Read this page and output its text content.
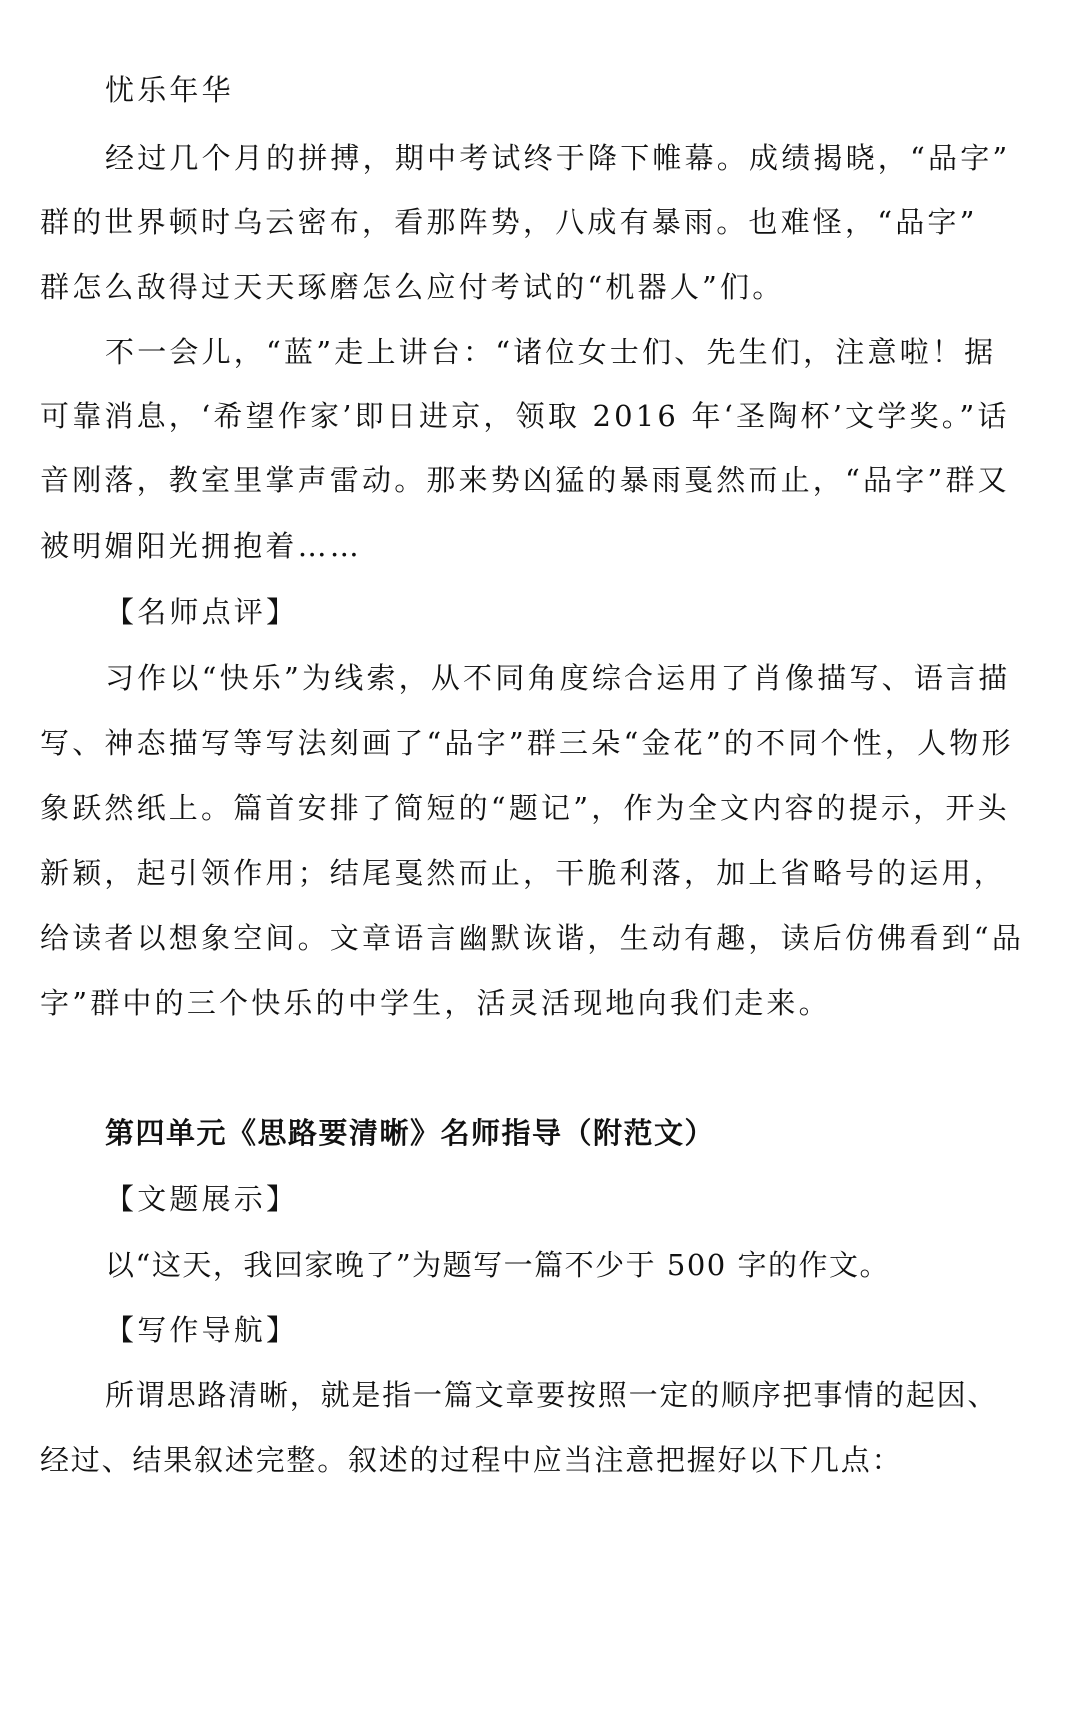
忧乐年华
经过几个月的拼搏，期中考试终于降下帷幕。成绩揭晓，“品字”
群的世界顿时乌云密布，看那阵势，八成有暴雨。也难怪，“品字”
群怎么敌得过天天琢磨怎么应付考试的“机器人”们。
不一会儿，“蓝”走上讲台：“诸位女士们、先生们，注意啦！据
可靠消息，‘希望作家’即日进京，领取 2016 年‘圣陶杯’文学奖。”话
音刚落，教室里掌声雷动。那来势凶猛的暴雨戛然而止，“品字”群又
被明媚阳光拥抱着……
【名师点评】
习作以“快乐”为线索，从不同角度综合运用了肖像描写、语言描
写、神态描写等写法刻画了“品字”群三朵“金花”的不同个性，人物形
象跃然纸上。篇首安排了简短的“题记”，作为全文内容的提示，开头
新颖，起引领作用；结尾戛然而止，干脆利落，加上省略号的运用，
给读者以想象空间。文章语言幽默诙谐，生动有趣，读后仿佛看到“品
字”群中的三个快乐的中学生，活灵活现地向我们走来。
第四单元《思路要清晰》名师指导（附范文）
【文题展示】
以“这天，我回家晚了”为题写一篇不少于 500 字的作文。
【写作导航】
所谓思路清晰，就是指一篇文章要按照一定的顺序把事情的起因、
经过、结果叙述完整。叙述的过程中应当注意把握好以下几点：
